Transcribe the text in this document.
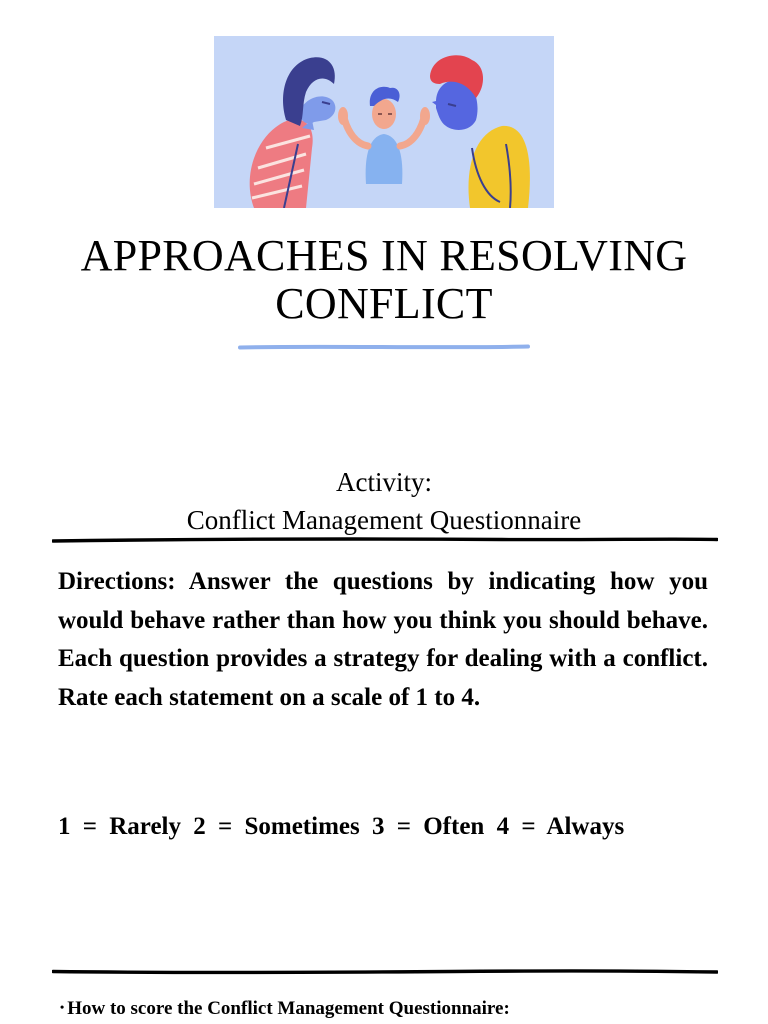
APPROACHES IN RESOLVING
CONFLICT
Activity:
Conflict Management Questionnaire
Directions: Answer the questions by indicating how you would behave rather than how you think you should behave. Each question provides a strategy for dealing with a conflict. Rate each statement on a scale of 1 to 4.
1 = Rarely 2 = Sometimes 3 = Often 4 = Always
• How to score the Conflict Management Questionnaire:
